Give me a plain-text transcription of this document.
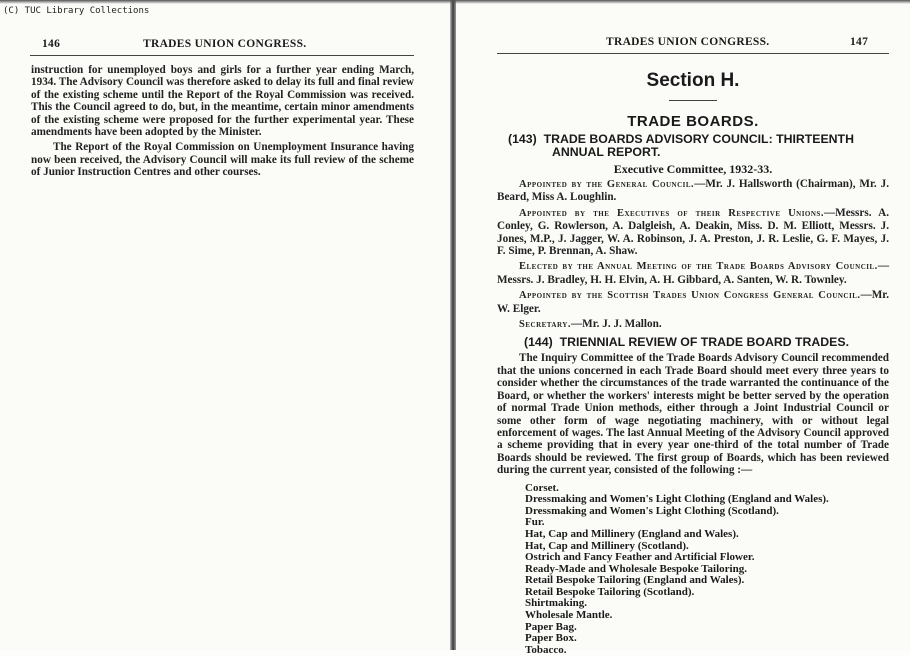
(C) TUC Library Collections
146	TRADES UNION CONGRESS.
instruction for unemployed boys and girls for a further year ending March, 1934. The Advisory Council was therefore asked to delay its full and final review of the existing scheme until the Report of the Royal Commission was received. This the Council agreed to do, but, in the meantime, certain minor amendments of the existing scheme were proposed for the further experimental year. These amendments have been adopted by the Minister.
The Report of the Royal Commission on Unemployment Insurance having now been received, the Advisory Council will make its full review of the scheme of Junior Instruction Centres and other courses.
TRADES UNION CONGRESS.	147
Section H.
TRADE BOARDS.
(143) TRADE BOARDS ADVISORY COUNCIL: THIRTEENTH
ANNUAL REPORT.
Executive Committee, 1932-33.
Appointed by the General Council.—Mr. J. Hallsworth (Chairman), Mr. J. Beard, Miss A. Loughlin.
Appointed by the Executives of their Respective Unions.—Messrs. A. Conley, G. Rowlerson, A. Dalgleish, A. Deakin, Miss. D. M. Elliott, Messrs. J. Jones, M.P., J. Jagger, W. A. Robinson, J. A. Preston, J. R. Leslie, G. F. Mayes, J. F. Sime, P. Brennan, A. Shaw.
Elected by the Annual Meeting of the Trade Boards Advisory Council.—Messrs. J. Bradley, H. H. Elvin, A. H. Gibbard, A. Santen, W. R. Townley.
Appointed by the Scottish Trades Union Congress General Council.—Mr. W. Elger.
Secretary.—Mr. J. J. Mallon.
(144) TRIENNIAL REVIEW OF TRADE BOARD TRADES.
The Inquiry Committee of the Trade Boards Advisory Council recommended that the unions concerned in each Trade Board should meet every three years to consider whether the circumstances of the trade warranted the continuance of the Board, or whether the workers' interests might be better served by the operation of normal Trade Union methods, either through a Joint Industrial Council or some other form of wage negotiating machinery, with or without legal enforcement of wages. The last Annual Meeting of the Advisory Council approved a scheme providing that in every year one-third of the total number of Trade Boards should be reviewed. The first group of Boards, which has been reviewed during the current year, consisted of the following :—
Corset.
Dressmaking and Women's Light Clothing (England and Wales).
Dressmaking and Women's Light Clothing (Scotland).
Fur.
Hat, Cap and Millinery (England and Wales).
Hat, Cap and Millinery (Scotland).
Ostrich and Fancy Feather and Artificial Flower.
Ready-Made and Wholesale Bespoke Tailoring.
Retail Bespoke Tailoring (England and Wales).
Retail Bespoke Tailoring (Scotland).
Shirtmaking.
Wholesale Mantle.
Paper Bag.
Paper Box.
Tobacco.
